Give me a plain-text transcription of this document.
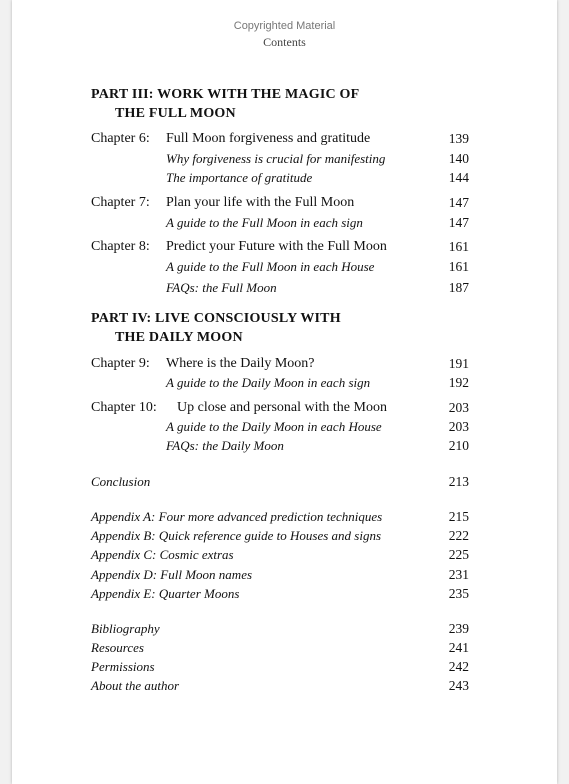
Copyrighted Material
Contents
PART III: WORK WITH THE MAGIC OF
THE FULL MOON
Chapter 6: Full Moon forgiveness and gratitude	139
Why forgiveness is crucial for manifesting	140
The importance of gratitude	144
Chapter 7: Plan your life with the Full Moon	147
A guide to the Full Moon in each sign	147
Chapter 8: Predict your Future with the Full Moon	161
A guide to the Full Moon in each House	161
FAQs: the Full Moon	187
PART IV: LIVE CONSCIOUSLY WITH
THE DAILY MOON
Chapter 9: Where is the Daily Moon?	191
A guide to the Daily Moon in each sign	192
Chapter 10: Up close and personal with the Moon	203
A guide to the Daily Moon in each House	203
FAQs: the Daily Moon	210
Conclusion	213
Appendix A: Four more advanced prediction techniques	215
Appendix B: Quick reference guide to Houses and signs	222
Appendix C: Cosmic extras	225
Appendix D: Full Moon names	231
Appendix E: Quarter Moons	235
Bibliography	239
Resources	241
Permissions	242
About the author	243
